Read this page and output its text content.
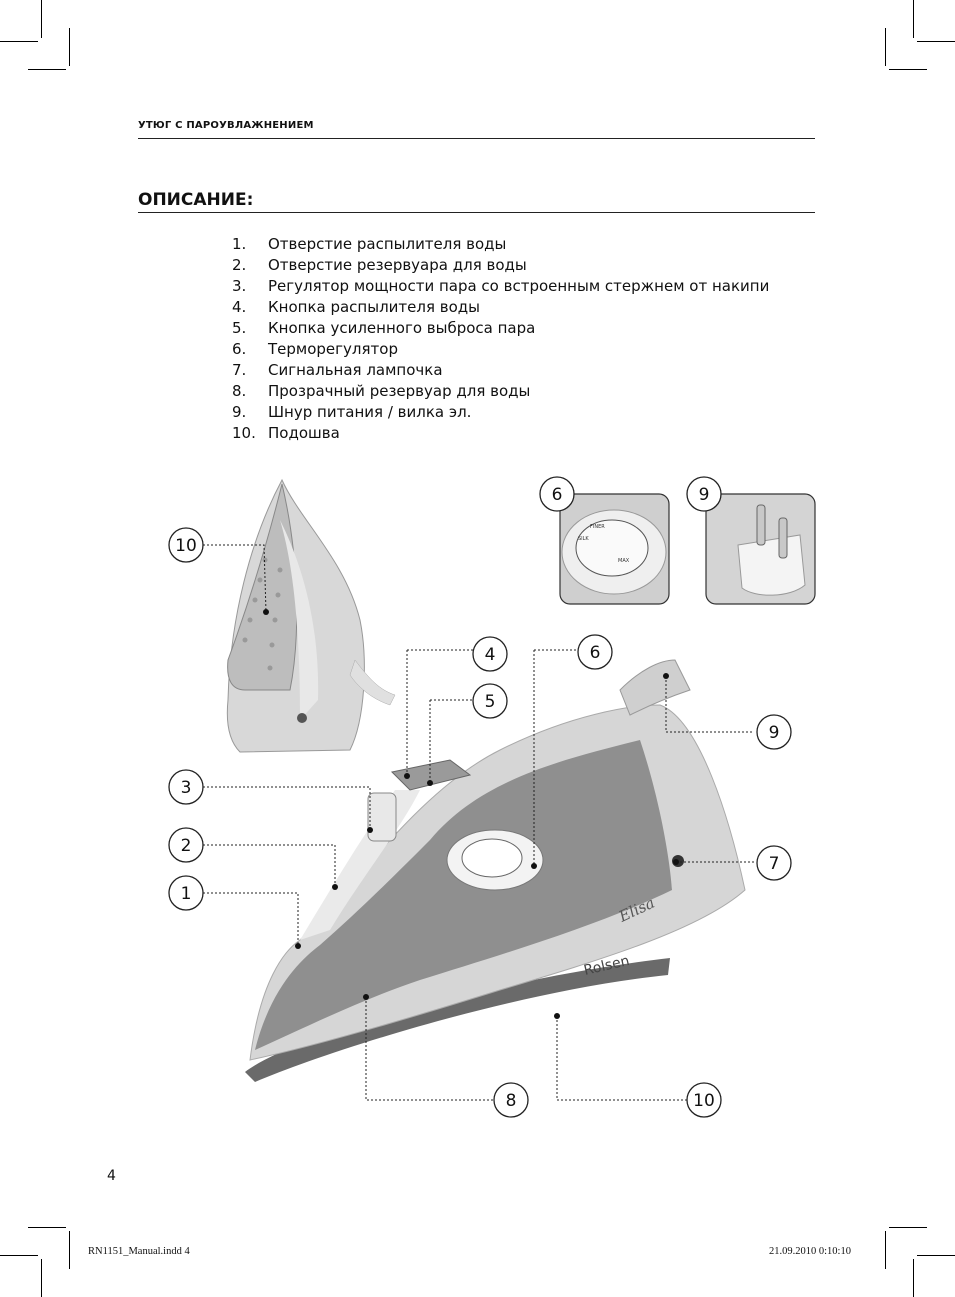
УТЮГ С ПАРОУВЛАЖНЕНИЕМ
ОПИСАНИЕ:
1. Отверстие распылителя воды
2. Отверстие резервуара для воды
3. Регулятор мощности пара со встроенным стержнем от накипи
4. Кнопка распылителя воды
5. Кнопка усиленного выброса пара
6. Терморегулятор
7. Сигнальная лампочка
8. Прозрачный резервуар для воды
9. Шнур питания / вилка эл.
10. Подошва
FINER
SILK
MAX
Rolsen
Elisa
10
6	9
4	6
5
9
3
2
7
1
8	10
4
RN1151_Manual.indd 4	21.09.2010 0:10:10
